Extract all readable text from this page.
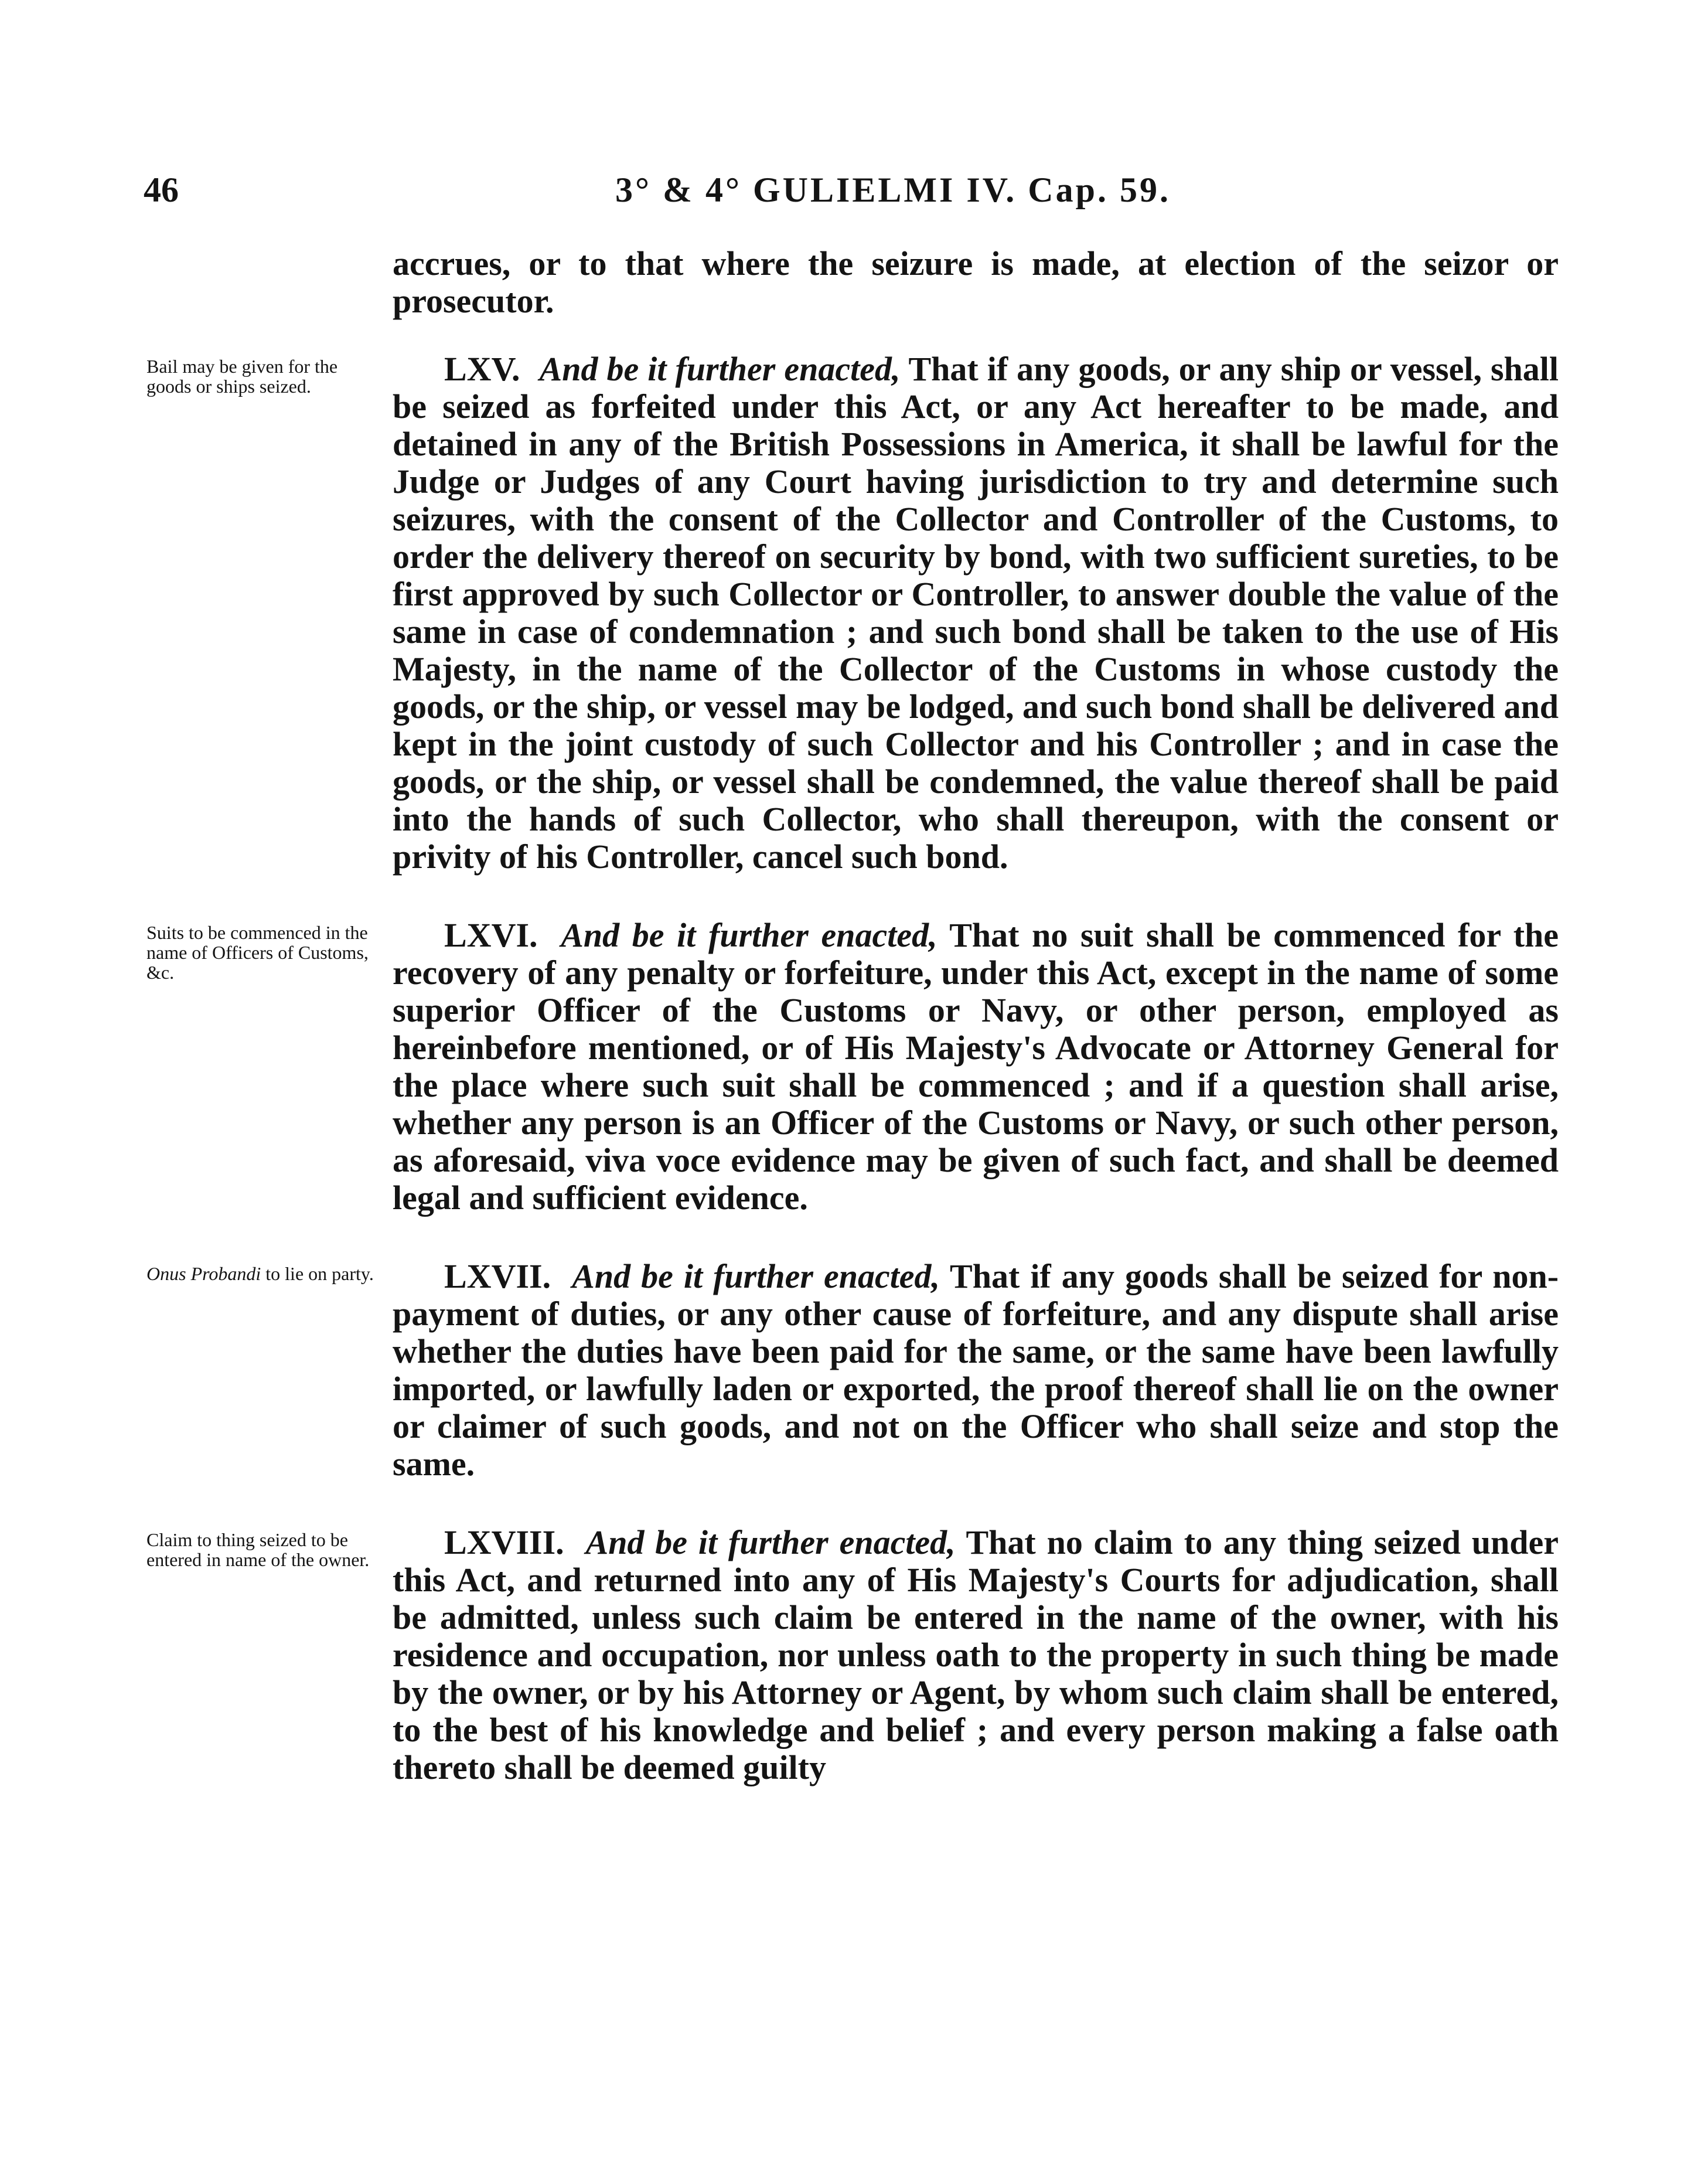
46	3° & 4° GULIELMI IV. Cap. 59.
accrues, or to that where the seizure is made, at election of the seizor or prosecutor.
Bail may be given for the goods or ships seized.	LXV. And be it further enacted, That if any goods, or any ship or vessel, shall be seized as forfeited under this Act, or any Act hereafter to be made, and detained in any of the British Possessions in America, it shall be lawful for the Judge or Judges of any Court having jurisdiction to try and determine such seizures, with the consent of the Collector and Controller of the Customs, to order the delivery thereof on security by bond, with two sufficient sureties, to be first approved by such Collector or Controller, to answer double the value of the same in case of condemnation ; and such bond shall be taken to the use of His Majesty, in the name of the Collector of the Customs in whose custody the goods, or the ship, or vessel may be lodged, and such bond shall be delivered and kept in the joint custody of such Collector and his Controller ; and in case the goods, or the ship, or vessel shall be condemned, the value thereof shall be paid into the hands of such Collector, who shall thereupon, with the consent or privity of his Controller, cancel such bond.

Suits to be commenced in the name of Officers of Customs, &c.

LXVI. And be it further enacted, That no suit shall be commenced for the recovery of any penalty or forfeiture, under this Act, except in the name of some superior Officer of the Customs or Navy, or other person, employed as hereinbefore mentioned, or of His Majesty's Advocate or Attorney General for the place where such suit shall be commenced ; and if a question shall arise, whether any person is an Officer of the Customs or Navy, or such other person, as aforesaid, viva voce evidence may be given of such fact, and shall be deemed legal and sufficient evidence.

Onus Probandi to lie on party.	LXVII. And be it further enacted, That if any goods shall be seized for non-payment of duties, or any other cause of forfeiture, and any dispute shall arise whether the duties have been paid for the same, or the same have been lawfully imported, or lawfully laden or exported, the proof thereof shall lie on the owner or claimer of such goods, and not on the Officer who shall seize and stop the same.

Claim to thing seized to be entered in name of the owner.	LXVIII. And be it further enacted, That no claim to any thing seized under this Act, and returned into any of His Majesty's Courts for adjudication, shall be admitted, unless such claim be entered in the name of the owner, with his residence and occupation, nor unless oath to the property in such thing be made by the owner, or by his Attorney or Agent, by whom such claim shall be entered, to the best of his knowledge and belief ; and every person making a false oath thereto shall be deemed guilty
